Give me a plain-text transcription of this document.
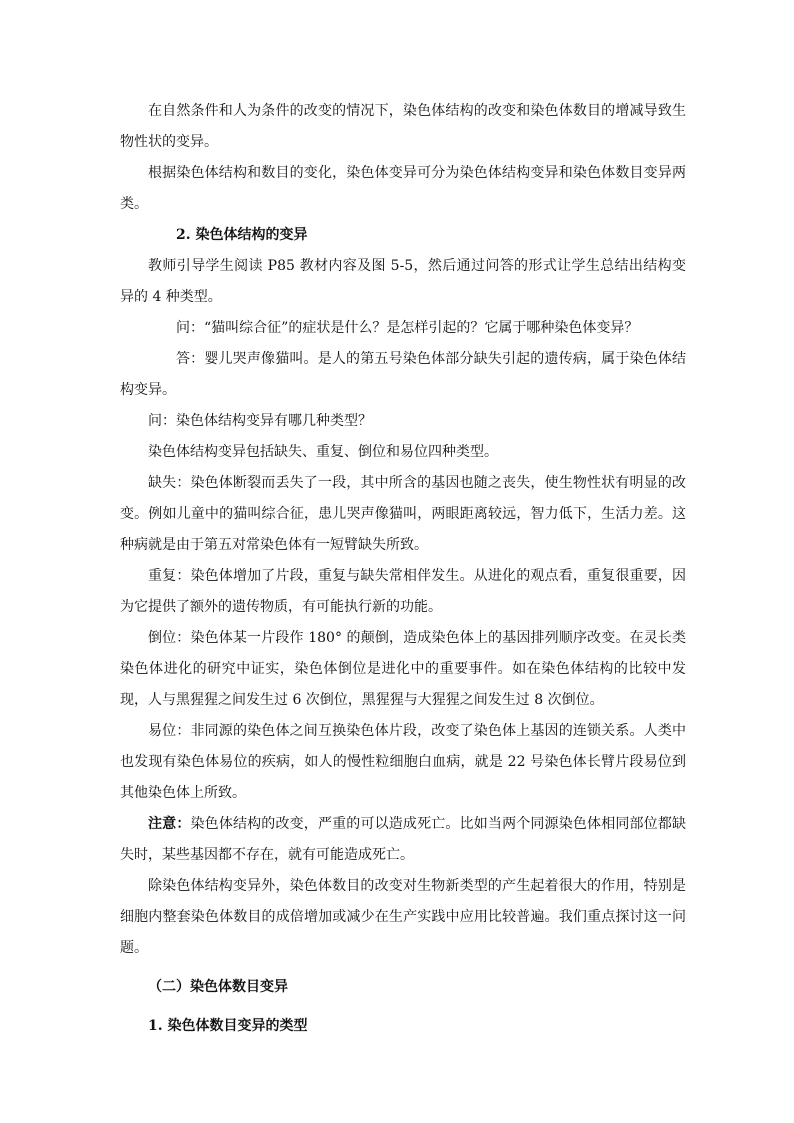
在自然条件和人为条件的改变的情况下，染色体结构的改变和染色体数目的增减导致生物性状的变异。

根据染色体结构和数目的变化，染色体变异可分为染色体结构变异和染色体数目变异两类。

2. 染色体结构的变异

教师引导学生阅读 P85 教材内容及图 5-5，然后通过问答的形式让学生总结出结构变异的 4 种类型。

问：“猫叫综合征”的症状是什么？是怎样引起的？它属于哪种染色体变异？

答：婴儿哭声像猫叫。是人的第五号染色体部分缺失引起的遗传病，属于染色体结构变异。

问：染色体结构变异有哪几种类型？

染色体结构变异包括缺失、重复、倒位和易位四种类型。

缺失：染色体断裂而丢失了一段，其中所含的基因也随之丧失，使生物性状有明显的改变。例如儿童中的猫叫综合征，患儿哭声像猫叫，两眼距离较远，智力低下，生活力差。这种病就是由于第五对常染色体有一短臂缺失所致。

重复：染色体增加了片段，重复与缺失常相伴发生。从进化的观点看，重复很重要，因为它提供了额外的遗传物质，有可能执行新的功能。

倒位：染色体某一片段作 180° 的颠倒，造成染色体上的基因排列顺序改变。在灵长类染色体进化的研究中证实，染色体倒位是进化中的重要事件。如在染色体结构的比较中发现，人与黑猩猩之间发生过 6 次倒位，黑猩猩与大猩猩之间发生过 8 次倒位。

易位：非同源的染色体之间互换染色体片段，改变了染色体上基因的连锁关系。人类中也发现有染色体易位的疾病，如人的慢性粒细胞白血病，就是 22 号染色体长臂片段易位到其他染色体上所致。

注意：染色体结构的改变，严重的可以造成死亡。比如当两个同源染色体相同部位都缺失时，某些基因都不存在，就有可能造成死亡。

除染色体结构变异外，染色体数目的改变对生物新类型的产生起着很大的作用，特别是细胞内整套染色体数目的成倍增加或减少在生产实践中应用比较普遍。我们重点探讨这一问题。

（二）染色体数目变异

1. 染色体数目变异的类型
